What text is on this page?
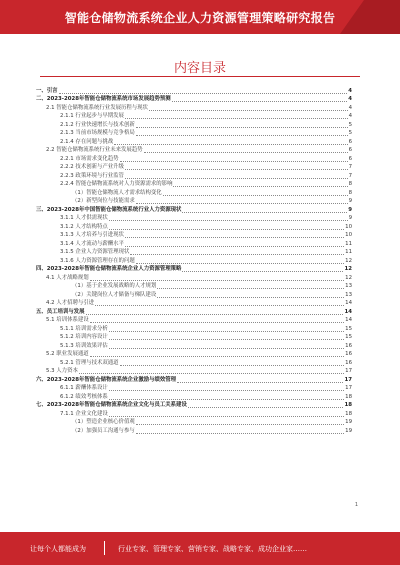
智能仓储物流系统企业人力资源管理策略研究报告
内容目录
一、引言	4
二、2023-2028年智能仓储物流系统市场发展趋势预测	4
2.1 智能仓储物流系统行业发展历程与现状	4
2.1.1 行业起步与早期发展	4
2.1.2 行业快速增长与技术创新	5
2.1.3 当前市场规模与竞争格局	5
2.1.4 存在问题与挑战	6
2.2 智能仓储物流系统行业未来发展趋势	6
2.2.1 市场需求变化趋势	6
2.2.2 技术创新与产业升级	7
2.2.3 政策环境与行业监管	7
2.2.4 智能仓储物流系统对人力资源需求的影响	8
（1）智能仓储物流人才需求结构变化	8
（2）新型岗位与技能需求	9
三、2023-2028年中国智能仓储物流系统行业人力资源现状	9
3.1.1 人才供需现状	9
3.1.2 人才结构特点	10
3.1.3 人才培养与引进现状	10
3.1.4 人才流动与薪酬水平	11
3.1.5 企业人力资源管理现状	11
3.1.6 人力资源管理存在的问题	12
四、2023-2028年智能仓储物流系统企业人力资源管理策略	12
4.1 人才战略规划	12
（1）基于企业发展战略的人才规划	13
（2）关键岗位人才储备与梯队建设	13
4.2 人才招聘与引进	14
五、员工培训与发展	14
5.1 培训体系建设	14
5.1.1 培训需求分析	15
5.1.2 培训内容设计	15
5.1.3 培训效果评估	16
5.2 职业发展通道	16
5.2.1 管理与技术双通道	16
5.3 人力资本	17
六、2023-2028年智能仓储物流系统企业激励与绩效管理	17
6.1.1 薪酬体系设计	17
6.1.2 绩效考核体系	18
七、2023-2028年智能仓储物流系统企业文化与员工关系建设	18
7.1.1 企业文化建设	18
（1）塑造企业核心价值观	19
（2）加强员工沟通与参与	19
1
让每个人都能成为	行业专家、管理专家、营销专家、战略专家、成功企业家……
